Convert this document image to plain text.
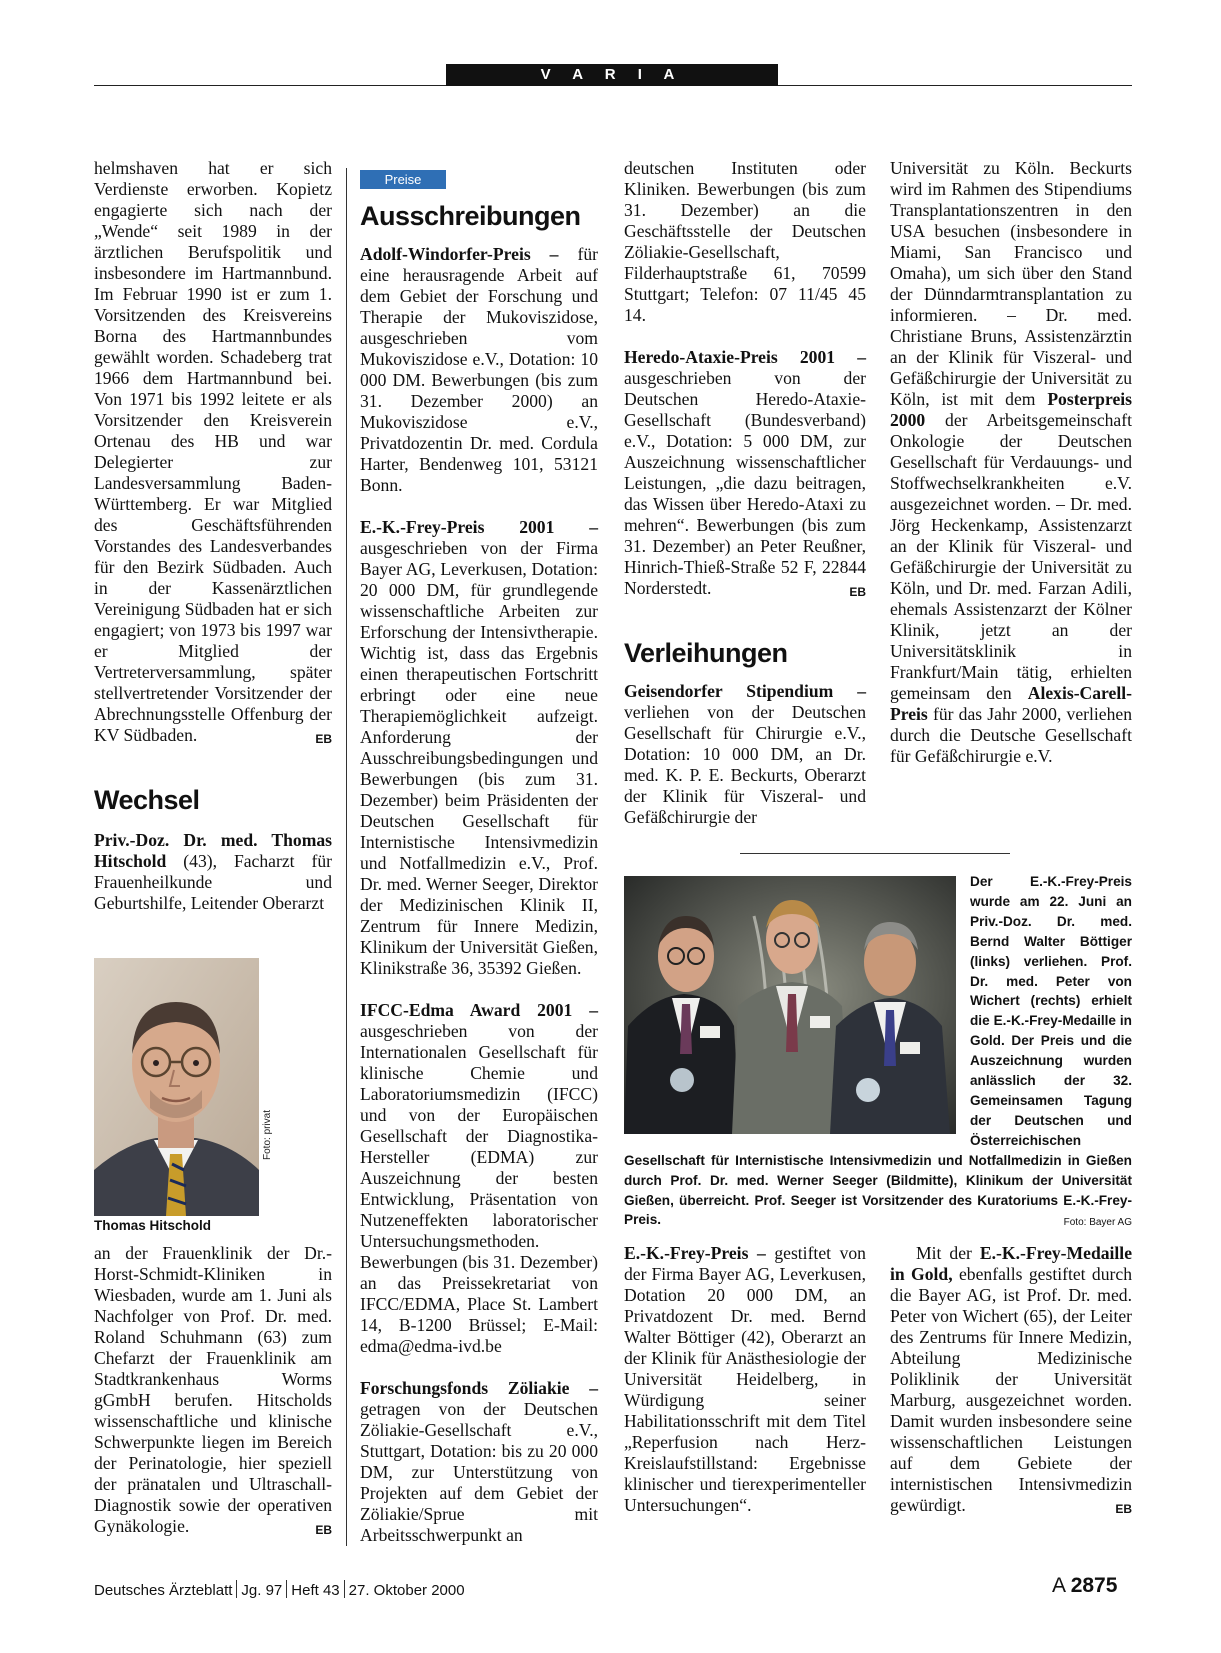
V A R I A

helmshaven hat er sich Verdienste erworben. Kopietz engagierte sich nach der „Wende“ seit 1989 in der ärztlichen Berufspolitik und insbesondere im Hartmannbund. Im Februar 1990 ist er zum 1. Vorsitzenden des Kreisvereins Borna des Hartmannbundes gewählt worden. Schadeberg trat 1966 dem Hartmannbund bei. Von 1971 bis 1992 leitete er als Vorsitzender den Kreisverein Ortenau des HB und war Delegierter zur Landesversammlung Baden-Württemberg. Er war Mitglied des Geschäftsführenden Vorstandes des Landesverbandes für den Bezirk Südbaden. Auch in der Kassenärztlichen Vereinigung Südbaden hat er sich engagiert; von 1973 bis 1997 war er Mitglied der Vertreterversammlung, später stellvertretender Vorsitzender der Abrechnungsstelle Offenburg der KV Südbaden.	EB

Wechsel

Priv.-Doz. Dr. med. Thomas Hitschold (43), Facharzt für Frauenheilkunde und Geburtshilfe, Leitender Oberarzt

Foto: privat
Thomas Hitschold

an der Frauenklinik der Dr.-Horst-Schmidt-Kliniken in Wiesbaden, wurde am 1. Juni als Nachfolger von Prof. Dr. med. Roland Schuhmann (63) zum Chefarzt der Frauenklinik am Stadtkrankenhaus Worms gGmbH berufen. Hitscholds wissenschaftliche und klinische Schwerpunkte liegen im Bereich der Perinatologie, hier speziell der pränatalen und Ultraschall-Diagnostik sowie der operativen Gynäkologie.	EB

Preise
Ausschreibungen

Adolf-Windorfer-Preis – für eine herausragende Arbeit auf dem Gebiet der Forschung und Therapie der Mukoviszidose, ausgeschrieben vom Mukoviszidose e.V., Dotation: 10 000 DM. Bewerbungen (bis zum 31. Dezember 2000) an Mukoviszidose e.V., Privatdozentin Dr. med. Cordula Harter, Bendenweg 101, 53121 Bonn.

E.-K.-Frey-Preis 2001 – ausgeschrieben von der Firma Bayer AG, Leverkusen, Dotation: 20 000 DM, für grundlegende wissenschaftliche Arbeiten zur Erforschung der Intensivtherapie. Wichtig ist, dass das Ergebnis einen therapeutischen Fortschritt erbringt oder eine neue Therapiemöglichkeit aufzeigt. Anforderung der Ausschreibungsbedingungen und Bewerbungen (bis zum 31. Dezember) beim Präsidenten der Deutschen Gesellschaft für Internistische Intensivmedizin und Notfallmedizin e.V., Prof. Dr. med. Werner Seeger, Direktor der Medizinischen Klinik II, Zentrum für Innere Medizin, Klinikum der Universität Gießen, Klinikstraße 36, 35392 Gießen.

IFCC-Edma Award 2001 – ausgeschrieben von der Internationalen Gesellschaft für klinische Chemie und Laboratoriumsmedizin (IFCC) und von der Europäischen Gesellschaft der Diagnostika-Hersteller (EDMA) zur Auszeichnung der besten Entwicklung, Präsentation von Nutzeneffekten laboratorischer Untersuchungsmethoden. Bewerbungen (bis 31. Dezember) an das Preissekretariat von IFCC/EDMA, Place St. Lambert 14, B-1200 Brüssel; E-Mail: edma@edma-ivd.be

Forschungsfonds Zöliakie – getragen von der Deutschen Zöliakie-Gesellschaft e.V., Stuttgart, Dotation: bis zu 20 000 DM, zur Unterstützung von Projekten auf dem Gebiet der Zöliakie/Sprue mit Arbeitsschwerpunkt an

deutschen Instituten oder Kliniken. Bewerbungen (bis zum 31. Dezember) an die Geschäftsstelle der Deutschen Zöliakie-Gesellschaft, Filderhauptstraße 61, 70599 Stuttgart; Telefon: 07 11/45 45 14.

Heredo-Ataxie-Preis 2001 – ausgeschrieben von der Deutschen Heredo-Ataxie-Gesellschaft (Bundesverband) e.V., Dotation: 5 000 DM, zur Auszeichnung wissenschaftlicher Leistungen, „die dazu beitragen, das Wissen über Heredo-Ataxi zu mehren“. Bewerbungen (bis zum 31. Dezember) an Peter Reußner, Hinrich-Thieß-Straße 52 F, 22844 Norderstedt.	EB

Verleihungen

Geisendorfer Stipendium – verliehen von der Deutschen Gesellschaft für Chirurgie e.V., Dotation: 10 000 DM, an Dr. med. K. P. E. Beckurts, Oberarzt der Klinik für Viszeral- und Gefäßchirurgie der

Universität zu Köln. Beckurts wird im Rahmen des Stipendiums Transplantationszentren in den USA besuchen (insbesondere in Miami, San Francisco und Omaha), um sich über den Stand der Dünndarmtransplantation zu informieren. – Dr. med. Christiane Bruns, Assistenzärztin an der Klinik für Viszeral- und Gefäßchirurgie der Universität zu Köln, ist mit dem Posterpreis 2000 der Arbeitsgemeinschaft Onkologie der Deutschen Gesellschaft für Verdauungs- und Stoffwechselkrankheiten e.V. ausgezeichnet worden. – Dr. med. Jörg Heckenkamp, Assistenzarzt an der Klinik für Viszeral- und Gefäßchirurgie der Universität zu Köln, und Dr. med. Farzan Adili, ehemals Assistenzarzt der Kölner Klinik, jetzt an der Universitätsklinik in Frankfurt/Main tätig, erhielten gemeinsam den Alexis-Carell-Preis für das Jahr 2000, verliehen durch die Deutsche Gesellschaft für Gefäßchirurgie e.V.

Der E.-K.-Frey-Preis wurde am 22. Juni an Priv.-Doz. Dr. med. Bernd Walter Böttiger (links) verliehen. Prof. Dr. med. Peter von Wichert (rechts) erhielt die E.-K.-Frey-Medaille in Gold. Der Preis und die Auszeichnung wurden anlässlich der 32. Gemeinsamen Tagung der Deutschen und Österreichischen Gesellschaft für Internistische Intensivmedizin und Notfallmedizin in Gießen durch Prof. Dr. med. Werner Seeger (Bildmitte), Klinikum der Universität Gießen, überreicht. Prof. Seeger ist Vorsitzender des Kuratoriums E.-K.-Frey-Preis.	Foto: Bayer AG

E.-K.-Frey-Preis – gestiftet von der Firma Bayer AG, Leverkusen, Dotation 20 000 DM, an Privatdozent Dr. med. Bernd Walter Böttiger (42), Oberarzt an der Klinik für Anästhesiologie der Universität Heidelberg, in Würdigung seiner Habilitationsschrift mit dem Titel „Reperfusion nach Herz-Kreislaufstillstand: Ergebnisse klinischer und tierexperimenteller Untersuchungen“.

Mit der E.-K.-Frey-Medaille in Gold, ebenfalls gestiftet durch die Bayer AG, ist Prof. Dr. med. Peter von Wichert (65), der Leiter des Zentrums für Innere Medizin, Abteilung Medizinische Poliklinik der Universität Marburg, ausgezeichnet worden. Damit wurden insbesondere seine wissenschaftlichen Leistungen auf dem Gebiete der internistischen Intensivmedizin gewürdigt.	EB

Deutsches Ärzteblatt Jg. 97 Heft 43 27. Oktober 2000	A 2875
